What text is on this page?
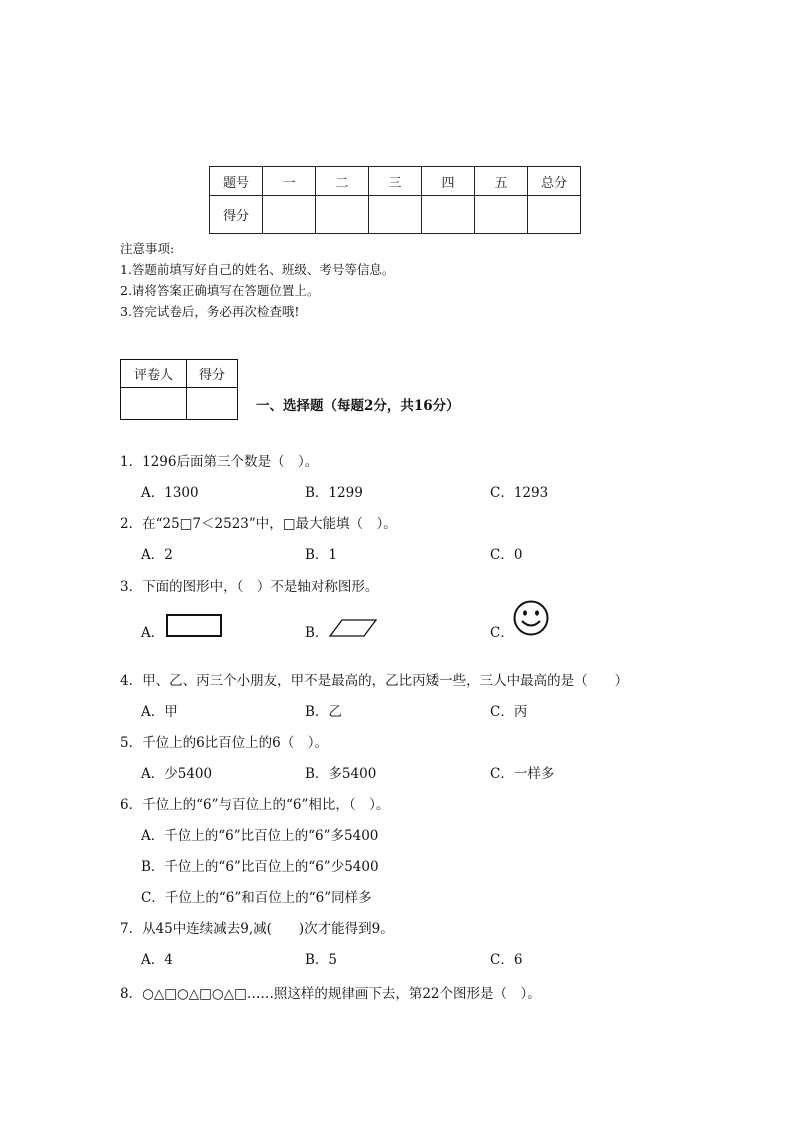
题号	一	二	三	四	五	总分
得分						
注意事项:
1.答题前填写好自己的姓名、班级、考号等信息。
2.请将答案正确填写在答题位置上。
3.答完试卷后，务必再次检查哦!
评卷人	得分

一、选择题（每题2分，共16分）
1．1296后面第三个数是（　）。
A．1300	B．1299	C．1293
2．在“25□7＜2523”中，□最大能填（　）。
A．2	B．1	C．0
3．下面的图形中，（　）不是轴对称图形。
A．	B．	C．
4．甲、乙、丙三个小朋友，甲不是最高的，乙比丙矮一些，三人中最高的是（　　）
A．甲	B．乙	C．丙
5．千位上的6比百位上的6（　）。
A．少5400	B．多5400	C．一样多
6．千位上的“6”与百位上的“6”相比，（　）。
A．千位上的“6”比百位上的“6”多5400
B．千位上的“6”比百位上的“6”少5400
C．千位上的“6”和百位上的“6”同样多
7．从45中连续减去9,减(　　)次才能得到9。
A．4	B．5	C．6
8．○△□○△□○△□……照这样的规律画下去，第22个图形是（　）。
